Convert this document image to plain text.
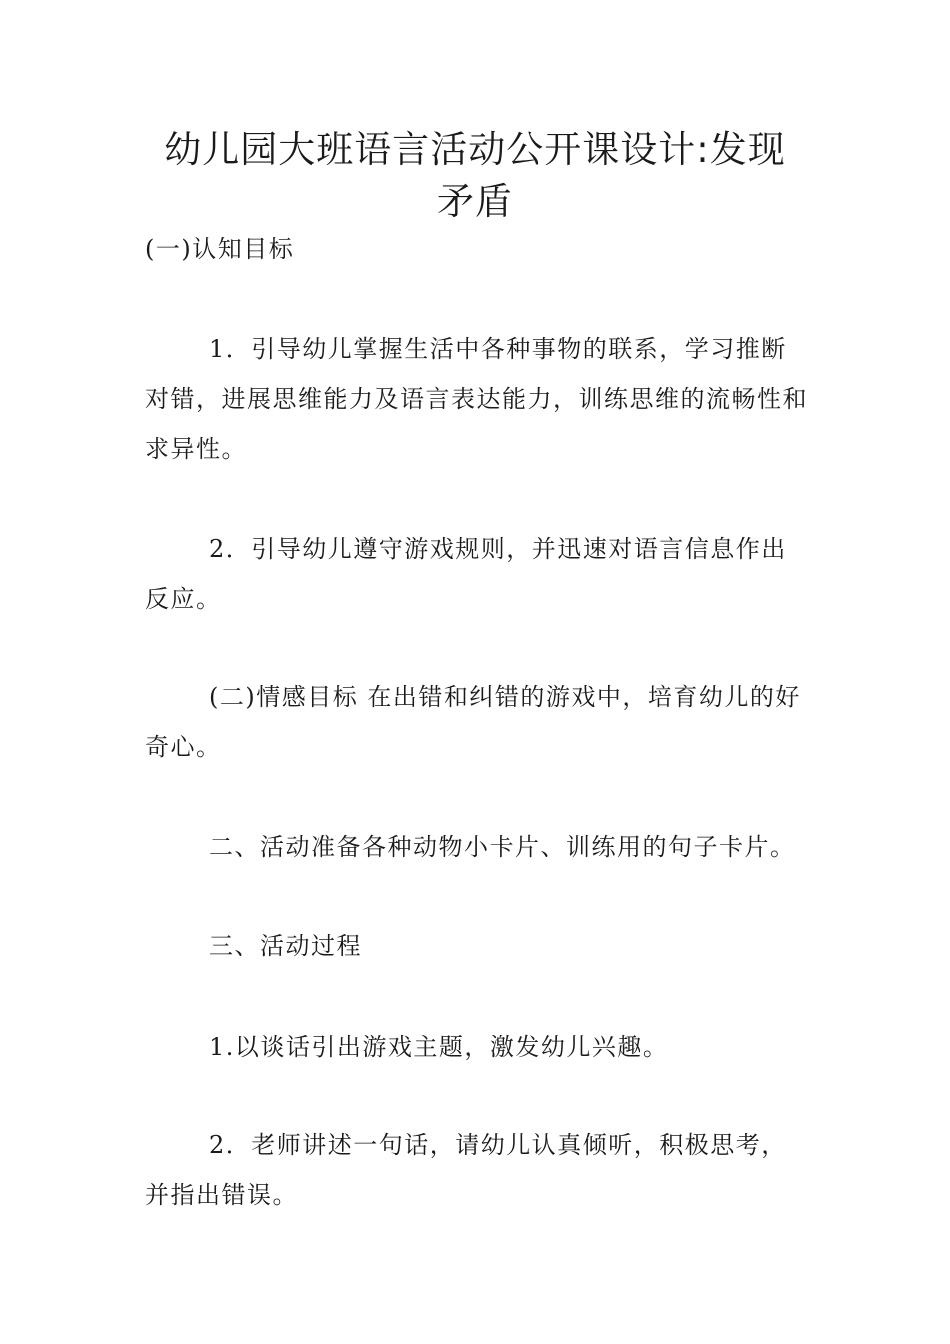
幼儿园大班语言活动公开课设计:发现
矛盾

(一)认知目标

1．引导幼儿掌握生活中各种事物的联系，学习推断对错，进展思维能力及语言表达能力，训练思维的流畅性和求异性。

2．引导幼儿遵守游戏规则，并迅速对语言信息作出反应。

(二)情感目标 在出错和纠错的游戏中，培育幼儿的好奇心。

二、活动准备各种动物小卡片、训练用的句子卡片。

三、活动过程

1.以谈话引出游戏主题，激发幼儿兴趣。

2．老师讲述一句话，请幼儿认真倾听，积极思考，并指出错误。
